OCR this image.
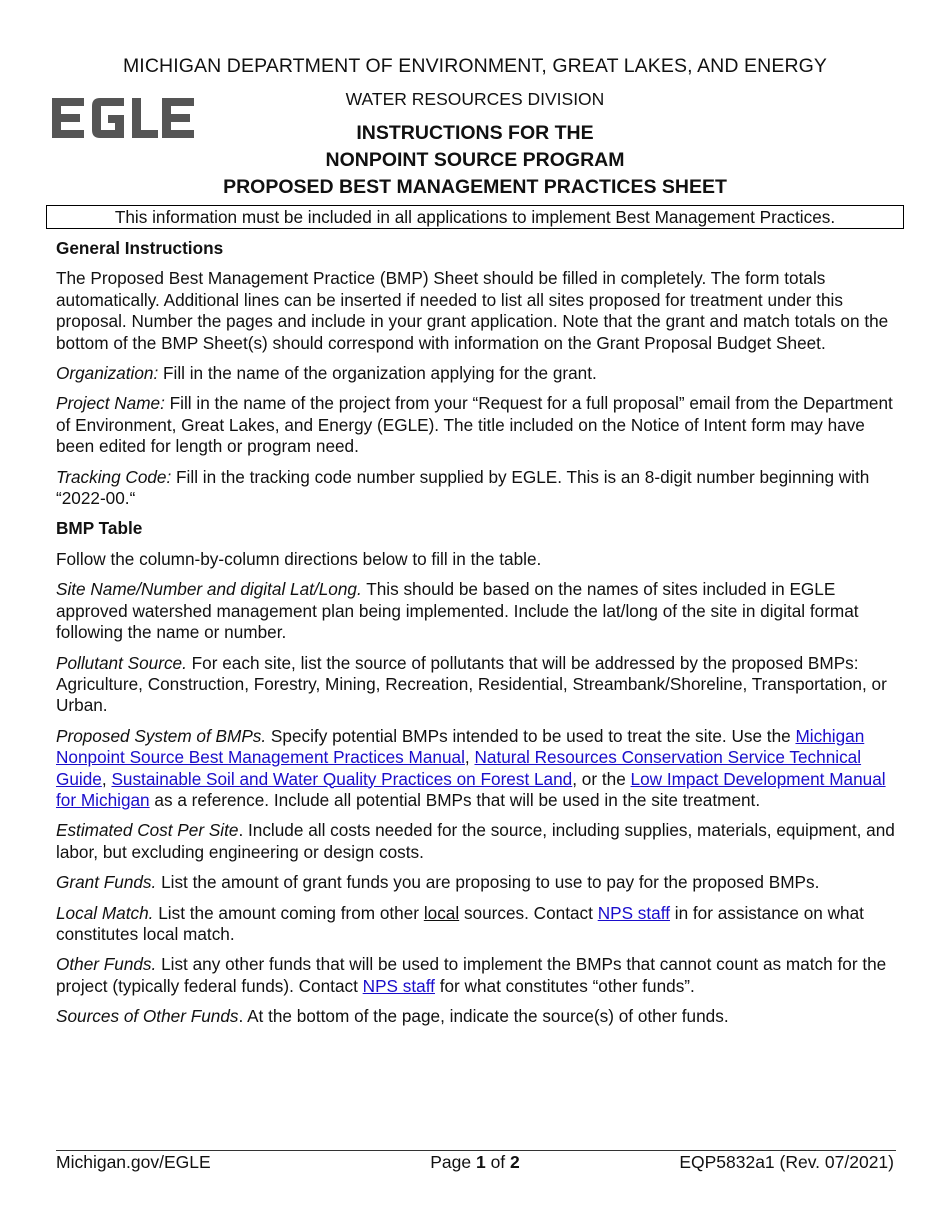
MICHIGAN DEPARTMENT OF ENVIRONMENT, GREAT LAKES, AND ENERGY
WATER RESOURCES DIVISION
INSTRUCTIONS FOR THE
NONPOINT SOURCE PROGRAM
PROPOSED BEST MANAGEMENT PRACTICES SHEET
This information must be included in all applications to implement Best Management Practices.
General Instructions

The Proposed Best Management Practice (BMP) Sheet should be filled in completely. The form totals automatically. Additional lines can be inserted if needed to list all sites proposed for treatment under this proposal. Number the pages and include in your grant application. Note that the grant and match totals on the bottom of the BMP Sheet(s) should correspond with information on the Grant Proposal Budget Sheet.

Organization: Fill in the name of the organization applying for the grant.

Project Name: Fill in the name of the project from your “Request for a full proposal” email from the Department of Environment, Great Lakes, and Energy (EGLE). The title included on the Notice of Intent form may have been edited for length or program need.

Tracking Code: Fill in the tracking code number supplied by EGLE. This is an 8-digit number beginning with “2022-00.“

BMP Table

Follow the column-by-column directions below to fill in the table.

Site Name/Number and digital Lat/Long. This should be based on the names of sites included in EGLE approved watershed management plan being implemented. Include the lat/long of the site in digital format following the name or number.

Pollutant Source. For each site, list the source of pollutants that will be addressed by the proposed BMPs: Agriculture, Construction, Forestry, Mining, Recreation, Residential, Streambank/Shoreline, Transportation, or Urban.

Proposed System of BMPs. Specify potential BMPs intended to be used to treat the site. Use the Michigan Nonpoint Source Best Management Practices Manual, Natural Resources Conservation Service Technical Guide, Sustainable Soil and Water Quality Practices on Forest Land, or the Low Impact Development Manual for Michigan as a reference. Include all potential BMPs that will be used in the site treatment.

Estimated Cost Per Site. Include all costs needed for the source, including supplies, materials, equipment, and labor, but excluding engineering or design costs.

Grant Funds. List the amount of grant funds you are proposing to use to pay for the proposed BMPs.

Local Match. List the amount coming from other local sources. Contact NPS staff in for assistance on what constitutes local match.

Other Funds. List any other funds that will be used to implement the BMPs that cannot count as match for the project (typically federal funds). Contact NPS staff for what constitutes “other funds”.

Sources of Other Funds. At the bottom of the page, indicate the source(s) of other funds.

Michigan.gov/EGLE	Page 1 of 2	EQP5832a1 (Rev. 07/2021)
